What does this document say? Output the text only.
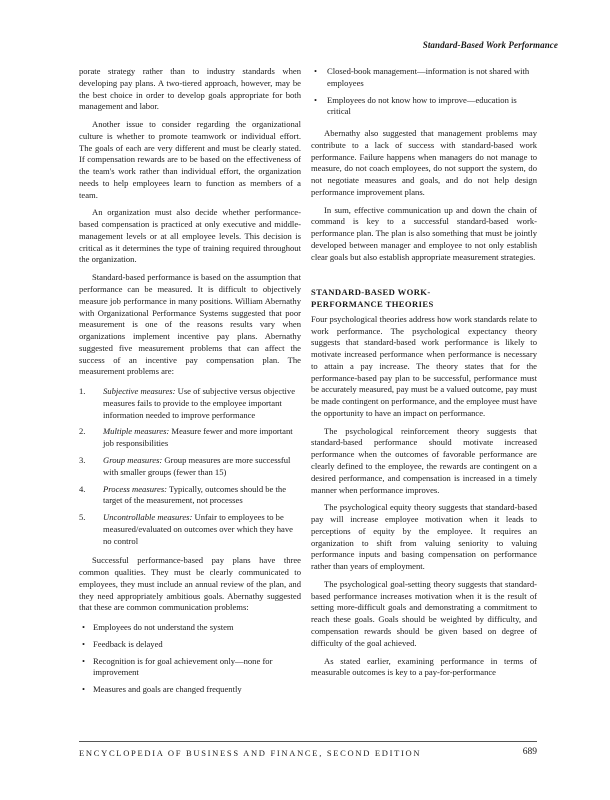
Standard-Based Work Performance

porate strategy rather than to industry standards when developing pay plans. A two-tiered approach, however, may be the best choice in order to develop goals appropriate for both management and labor.

Another issue to consider regarding the organizational culture is whether to promote teamwork or individual effort. The goals of each are very different and must be clearly stated. If compensation rewards are to be based on the effectiveness of the team's work rather than individual effort, the organization needs to help employees learn to function as members of a team.

An organization must also decide whether performance-based compensation is practiced at only executive and middle-management levels or at all employee levels. This decision is critical as it determines the type of training required throughout the organization.

Standard-based performance is based on the assumption that performance can be measured. It is difficult to objectively measure job performance in many positions. William Abernathy with Organizational Performance Systems suggested that poor measurement is one of the reasons results vary when organizations implement incentive pay plans. Abernathy suggested five measurement problems that can affect the success of an incentive pay compensation plan. The measurement problems are:

1. Subjective measures: Use of subjective versus objective measures fails to provide to the employee important information needed to improve performance
2. Multiple measures: Measure fewer and more important job responsibilities
3. Group measures: Group measures are more successful with smaller groups (fewer than 15)
4. Process measures: Typically, outcomes should be the target of the measurement, not processes
5. Uncontrollable measures: Unfair to employees to be measured/evaluated on outcomes over which they have no control

Successful performance-based pay plans have three common qualities. They must be clearly communicated to employees, they must include an annual review of the plan, and they need appropriately ambitious goals. Abernathy suggested that these are common communication problems:

• Employees do not understand the system
• Feedback is delayed
• Recognition is for goal achievement only—none for improvement
• Measures and goals are changed frequently
• Closed-book management—information is not shared with employees
• Employees do not know how to improve—education is critical

Abernathy also suggested that management problems may contribute to a lack of success with standard-based work performance. Failure happens when managers do not manage to measure, do not coach employees, do not support the system, do not negotiate measures and goals, and do not help design performance improvement plans.

In sum, effective communication up and down the chain of command is key to a successful standard-based work-performance plan. The plan is also something that must be jointly developed between manager and employee to not only establish clear goals but also establish appropriate measurement strategies.

STANDARD-BASED WORK-
PERFORMANCE THEORIES

Four psychological theories address how work standards relate to work performance. The psychological expectancy theory suggests that standard-based work performance is likely to motivate increased performance when performance is necessary to attain a pay increase. The theory states that for the performance-based pay plan to be successful, performance must be accurately measured, pay must be a valued outcome, pay must be made contingent on performance, and the employee must have the opportunity to have an impact on performance.

The psychological reinforcement theory suggests that standard-based performance should motivate increased performance when the outcomes of favorable performance are clearly defined to the employee, the rewards are contingent on a desired performance, and compensation is increased in a timely manner when performance improves.

The psychological equity theory suggests that standard-based pay will increase employee motivation when it leads to perceptions of equity by the employee. It requires an organization to shift from valuing seniority to valuing performance inputs and basing compensation on performance rather than years of employment.

The psychological goal-setting theory suggests that standard-based performance increases motivation when it is the result of setting more-difficult goals and demonstrating a commitment to reach these goals. Goals should be weighted by difficulty, and compensation rewards should be given based on degree of difficulty of the goal achieved.

As stated earlier, examining performance in terms of measurable outcomes is key to a pay-for-performance

ENCYCLOPEDIA OF BUSINESS AND FINANCE, SECOND EDITION	689
